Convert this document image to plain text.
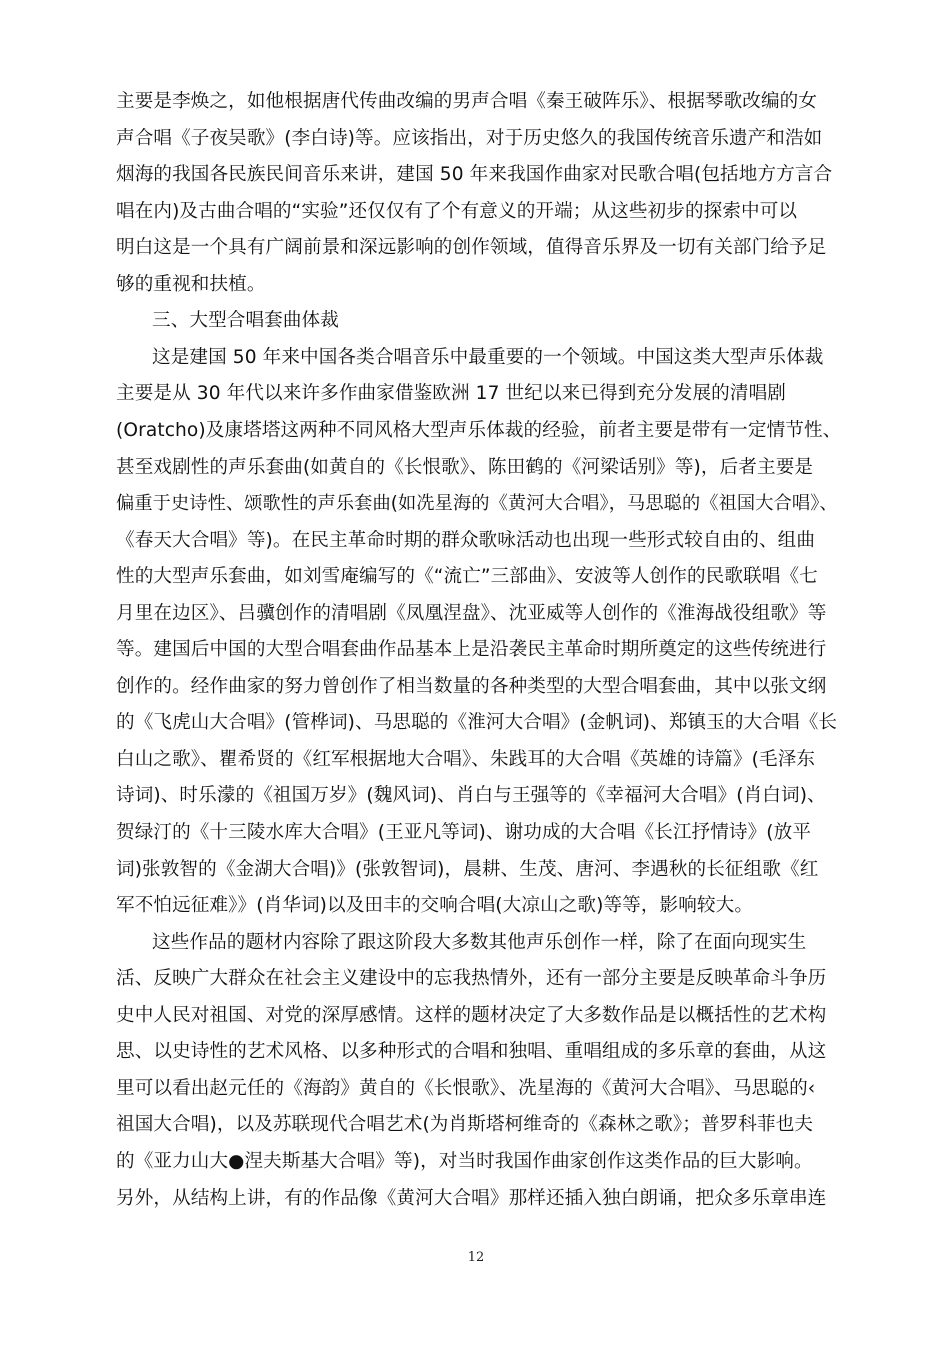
主要是李焕之，如他根据唐代传曲改编的男声合唱《秦王破阵乐》、根据琴歌改编的女
声合唱《子夜吴歌》(李白诗)等。应该指出，对于历史悠久的我国传统音乐遗产和浩如
烟海的我国各民族民间音乐来讲，建国 50 年来我国作曲家对民歌合唱(包括地方方言合
唱在内)及古曲合唱的“实验”还仅仅有了个有意义的开端；从这些初步的探索中可以
明白这是一个具有广阔前景和深远影响的创作领域，值得音乐界及一切有关部门给予足
够的重视和扶植。
三、大型合唱套曲体裁
这是建国 50 年来中国各类合唱音乐中最重要的一个领域。中国这类大型声乐体裁
主要是从 30 年代以来许多作曲家借鉴欧洲 17 世纪以来已得到充分发展的清唱剧
(Oratcho)及康塔塔这两种不同风格大型声乐体裁的经验，前者主要是带有一定情节性、
甚至戏剧性的声乐套曲(如黄自的《长恨歌》、陈田鹤的《河梁话别》等)，后者主要是
偏重于史诗性、颂歌性的声乐套曲(如冼星海的《黄河大合唱》，马思聪的《祖国大合唱》、
《春天大合唱》等)。在民主革命时期的群众歌咏活动也出现一些形式较自由的、组曲
性的大型声乐套曲，如刘雪庵编写的《“流亡”三部曲》、安波等人创作的民歌联唱《七
月里在边区》、吕骥创作的清唱剧《凤凰涅盘》、沈亚威等人创作的《淮海战役组歌》等
等。建国后中国的大型合唱套曲作品基本上是沿袭民主革命时期所奠定的这些传统进行
创作的。经作曲家的努力曾创作了相当数量的各种类型的大型合唱套曲，其中以张文纲
的《飞虎山大合唱》(管桦词)、马思聪的《淮河大合唱》(金帆词)、郑镇玉的大合唱《长
白山之歌》、瞿希贤的《红军根据地大合唱》、朱践耳的大合唱《英雄的诗篇》(毛泽东
诗词)、时乐濛的《祖国万岁》(魏风词)、肖白与王强等的《幸福河大合唱》(肖白词)、
贺绿汀的《十三陵水库大合唱》(王亚凡等词)、谢功成的大合唱《长江抒情诗》(放平
词)张敦智的《金湖大合唱)》(张敦智词)，晨耕、生茂、唐河、李遇秋的长征组歌《红
军不怕远征难》》(肖华词)以及田丰的交响合唱(大凉山之歌)等等，影响较大。
这些作品的题材内容除了跟这阶段大多数其他声乐创作一样，除了在面向现实生
活、反映广大群众在社会主义建设中的忘我热情外，还有一部分主要是反映革命斗争历
史中人民对祖国、对党的深厚感情。这样的题材决定了大多数作品是以概括性的艺术构
思、以史诗性的艺术风格、以多种形式的合唱和独唱、重唱组成的多乐章的套曲，从这
里可以看出赵元任的《海韵》黄自的《长恨歌》、冼星海的《黄河大合唱》、马思聪的‹
祖国大合唱)，以及苏联现代合唱艺术(为肖斯塔柯维奇的《森林之歌》；普罗科菲也夫
的《亚力山大●涅夫斯基大合唱》等)，对当时我国作曲家创作这类作品的巨大影响。
另外，从结构上讲，有的作品像《黄河大合唱》那样还插入独白朗诵，把众多乐章串连
12
